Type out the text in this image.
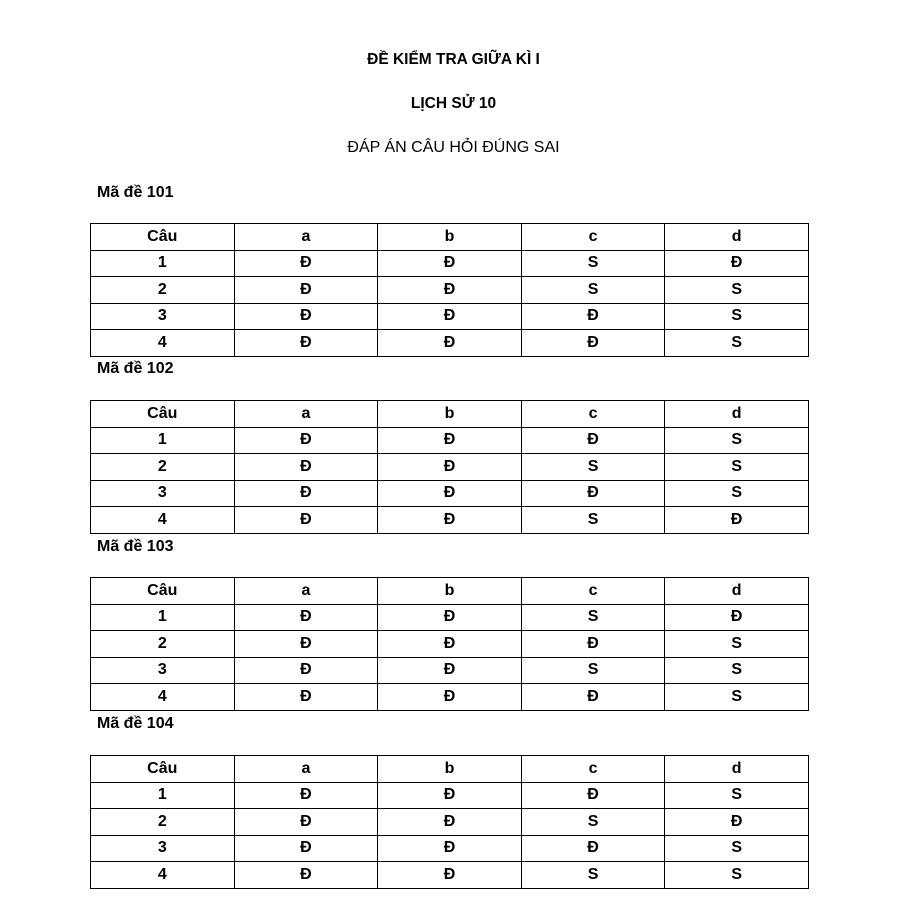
ĐỀ KIỂM TRA GIỮA KÌ I
LỊCH SỬ 10
ĐÁP ÁN CÂU HỎI ĐÚNG SAI
Mã đề 101
Câu	a	b	c	d
1	Đ	Đ	S	Đ
2	Đ	Đ	S	S
3	Đ	Đ	Đ	S
4	Đ	Đ	Đ	S
Mã đề 102
Câu	a	b	c	d
1	Đ	Đ	Đ	S
2	Đ	Đ	S	S
3	Đ	Đ	Đ	S
4	Đ	Đ	S	Đ
Mã đề 103
Câu	a	b	c	d
1	Đ	Đ	S	Đ
2	Đ	Đ	Đ	S
3	Đ	Đ	S	S
4	Đ	Đ	Đ	S
Mã đề 104
Câu	a	b	c	d
1	Đ	Đ	Đ	S
2	Đ	Đ	S	Đ
3	Đ	Đ	Đ	S
4	Đ	Đ	S	S
